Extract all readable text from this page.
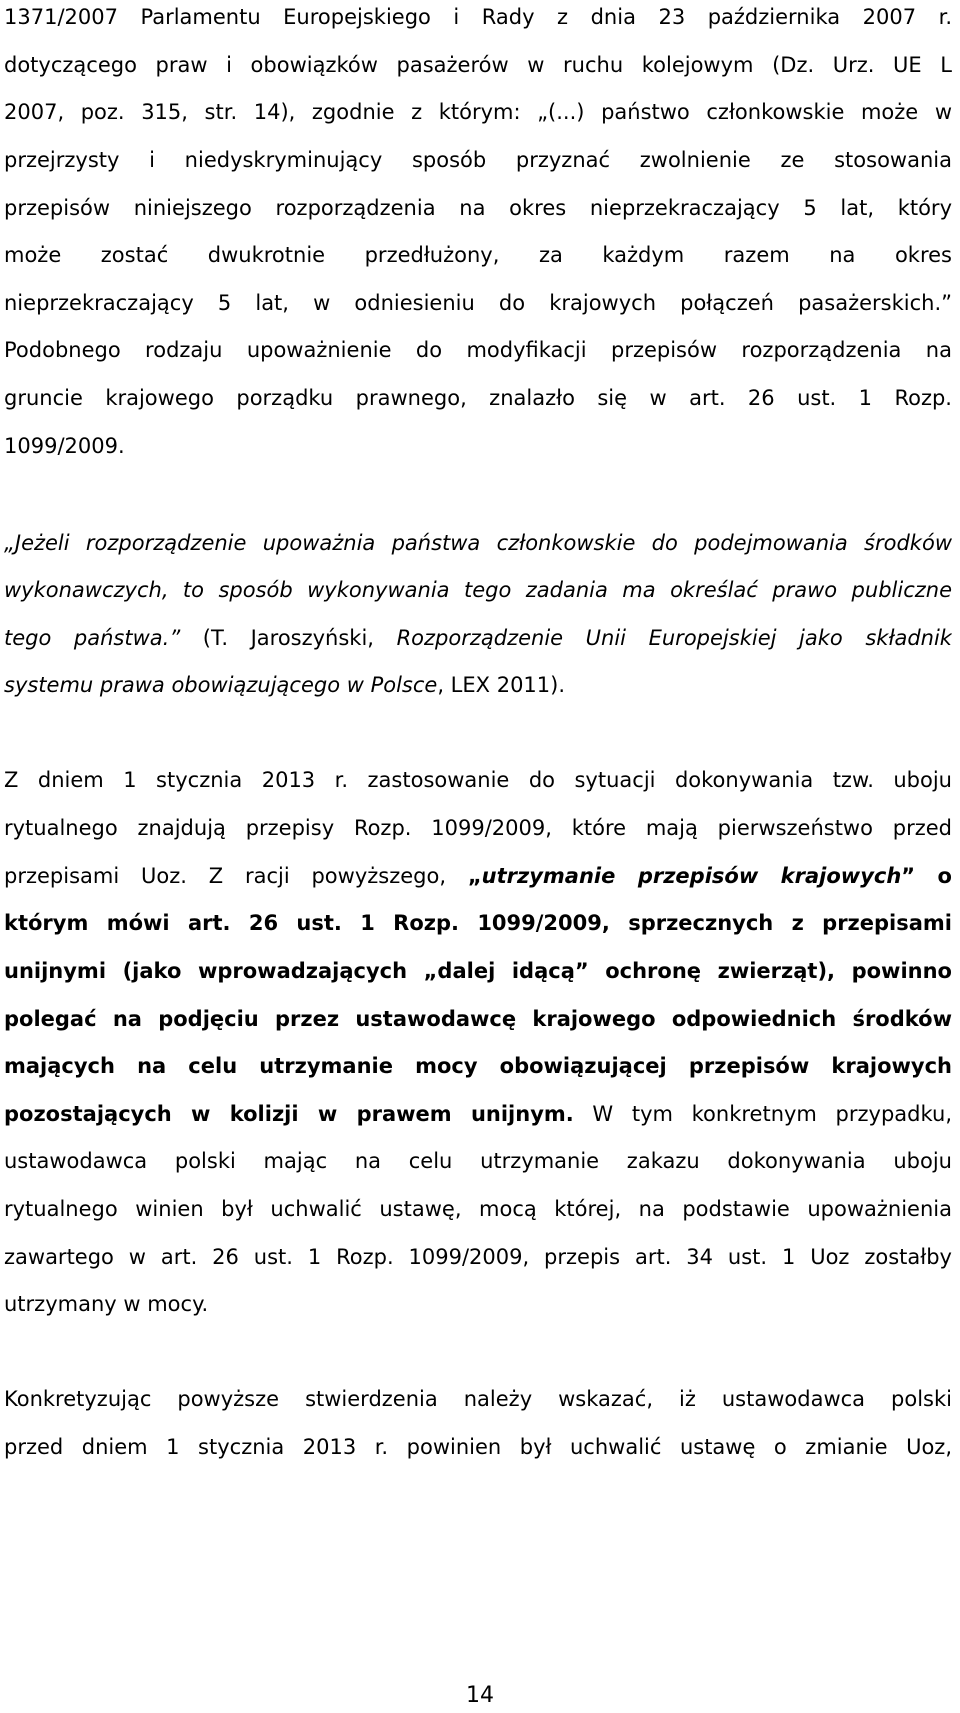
1371/2007 Parlamentu Europejskiego i Rady z dnia 23 października 2007 r.
dotyczącego praw i obowiązków pasażerów w ruchu kolejowym (Dz. Urz. UE L
2007, poz. 315, str. 14), zgodnie z którym: „(...) państwo członkowskie może w
przejrzysty i niedyskryminujący sposób przyznać zwolnienie ze stosowania
przepisów niniejszego rozporządzenia na okres nieprzekraczający 5 lat, który
może zostać dwukrotnie przedłużony, za każdym razem na okres
nieprzekraczający 5 lat, w odniesieniu do krajowych połączeń pasażerskich.”
Podobnego rodzaju upoważnienie do modyfikacji przepisów rozporządzenia na
gruncie krajowego porządku prawnego, znalazło się w art. 26 ust. 1 Rozp.
1099/2009.
„Jeżeli rozporządzenie upoważnia państwa członkowskie do podejmowania środków
wykonawczych, to sposób wykonywania tego zadania ma określać prawo publiczne
tego państwa.” (T. Jaroszyński, Rozporządzenie Unii Europejskiej jako składnik
systemu prawa obowiązującego w Polsce, LEX 2011).
Z dniem 1 stycznia 2013 r. zastosowanie do sytuacji dokonywania tzw. uboju
rytualnego znajdują przepisy Rozp. 1099/2009, które mają pierwszeństwo przed
przepisami Uoz. Z racji powyższego, „utrzymanie przepisów krajowych” o
którym mówi art. 26 ust. 1 Rozp. 1099/2009, sprzecznych z przepisami
unijnymi (jako wprowadzających „dalej idącą” ochronę zwierząt), powinno
polegać na podjęciu przez ustawodawcę krajowego odpowiednich środków
mających na celu utrzymanie mocy obowiązującej przepisów krajowych
pozostających w kolizji w prawem unijnym. W tym konkretnym przypadku,
ustawodawca polski mając na celu utrzymanie zakazu dokonywania uboju
rytualnego winien był uchwalić ustawę, mocą której, na podstawie upoważnienia
zawartego w art. 26 ust. 1 Rozp. 1099/2009, przepis art. 34 ust. 1 Uoz zostałby
utrzymany w mocy.
Konkretyzując powyższe stwierdzenia należy wskazać, iż ustawodawca polski
przed dniem 1 stycznia 2013 r. powinien był uchwalić ustawę o zmianie Uoz,
14
